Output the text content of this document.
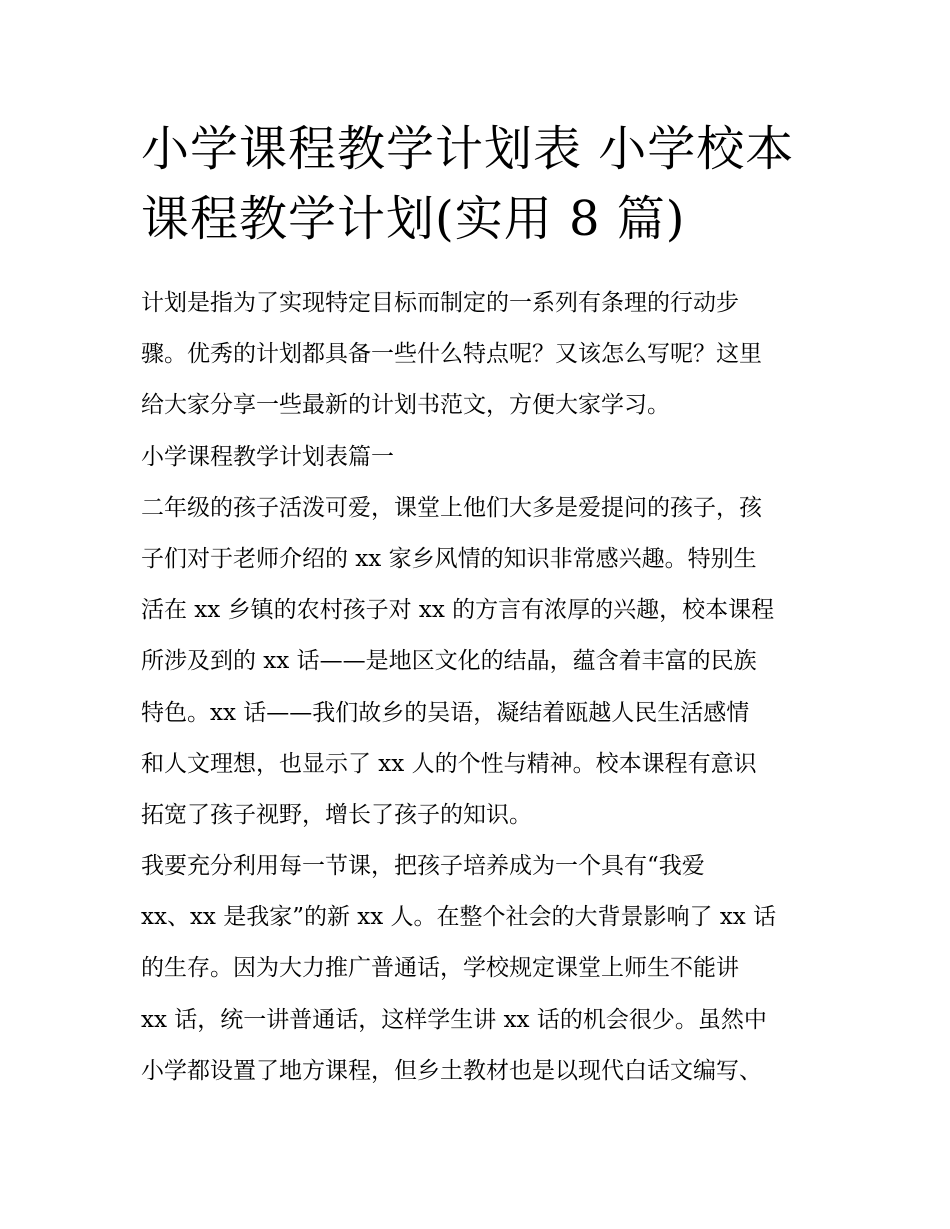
小学课程教学计划表 小学校本
课程教学计划(实用 8 篇)
计划是指为了实现特定目标而制定的一系列有条理的行动步
骤。优秀的计划都具备一些什么特点呢？又该怎么写呢？这里
给大家分享一些最新的计划书范文，方便大家学习。
小学课程教学计划表篇一
二年级的孩子活泼可爱，课堂上他们大多是爱提问的孩子，孩
子们对于老师介绍的 xx 家乡风情的知识非常感兴趣。特别生
活在 xx 乡镇的农村孩子对 xx 的方言有浓厚的兴趣，校本课程
所涉及到的 xx 话——是地区文化的结晶，蕴含着丰富的民族
特色。xx 话——我们故乡的吴语，凝结着瓯越人民生活感情
和人文理想，也显示了 xx 人的个性与精神。校本课程有意识
拓宽了孩子视野，增长了孩子的知识。
我要充分利用每一节课，把孩子培养成为一个具有“我爱
xx、xx 是我家”的新 xx 人。在整个社会的大背景影响了 xx 话
的生存。因为大力推广普通话，学校规定课堂上师生不能讲
xx 话，统一讲普通话，这样学生讲 xx 话的机会很少。虽然中
小学都设置了地方课程，但乡土教材也是以现代白话文编写、
